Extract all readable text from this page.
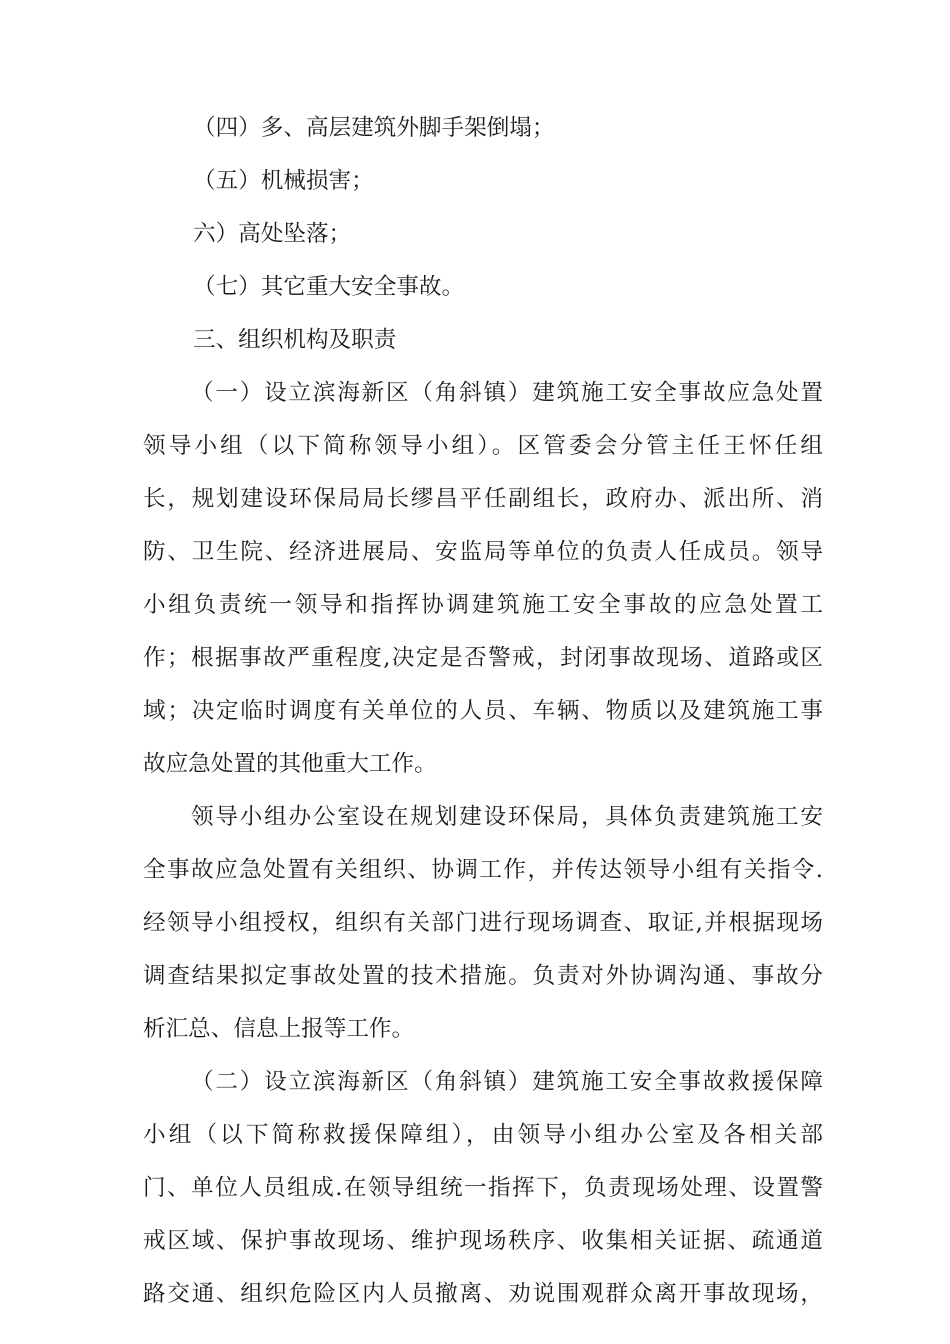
（四）多、高层建筑外脚手架倒塌；
（五）机械损害；
六）高处坠落；
（七）其它重大安全事故。
三、组织机构及职责
（一）设立滨海新区（角斜镇）建筑施工安全事故应急处置
领导小组（以下简称领导小组）。区管委会分管主任王怀任组
长，规划建设环保局局长缪昌平任副组长，政府办、派出所、消
防、卫生院、经济进展局、安监局等单位的负责人任成员。领导
小组负责统一领导和指挥协调建筑施工安全事故的应急处置工
作；根据事故严重程度,决定是否警戒，封闭事故现场、道路或区
域；决定临时调度有关单位的人员、车辆、物质以及建筑施工事
故应急处置的其他重大工作。
领导小组办公室设在规划建设环保局，具体负责建筑施工安
全事故应急处置有关组织、协调工作，并传达领导小组有关指令.
经领导小组授权，组织有关部门进行现场调查、取证,并根据现场
调查结果拟定事故处置的技术措施。负责对外协调沟通、事故分
析汇总、信息上报等工作。
（二）设立滨海新区（角斜镇）建筑施工安全事故救援保障
小组（以下简称救援保障组），由领导小组办公室及各相关部
门、单位人员组成.在领导组统一指挥下，负责现场处理、设置警
戒区域、保护事故现场、维护现场秩序、收集相关证据、疏通道
路交通、组织危险区内人员撤离、劝说围观群众离开事故现场，
